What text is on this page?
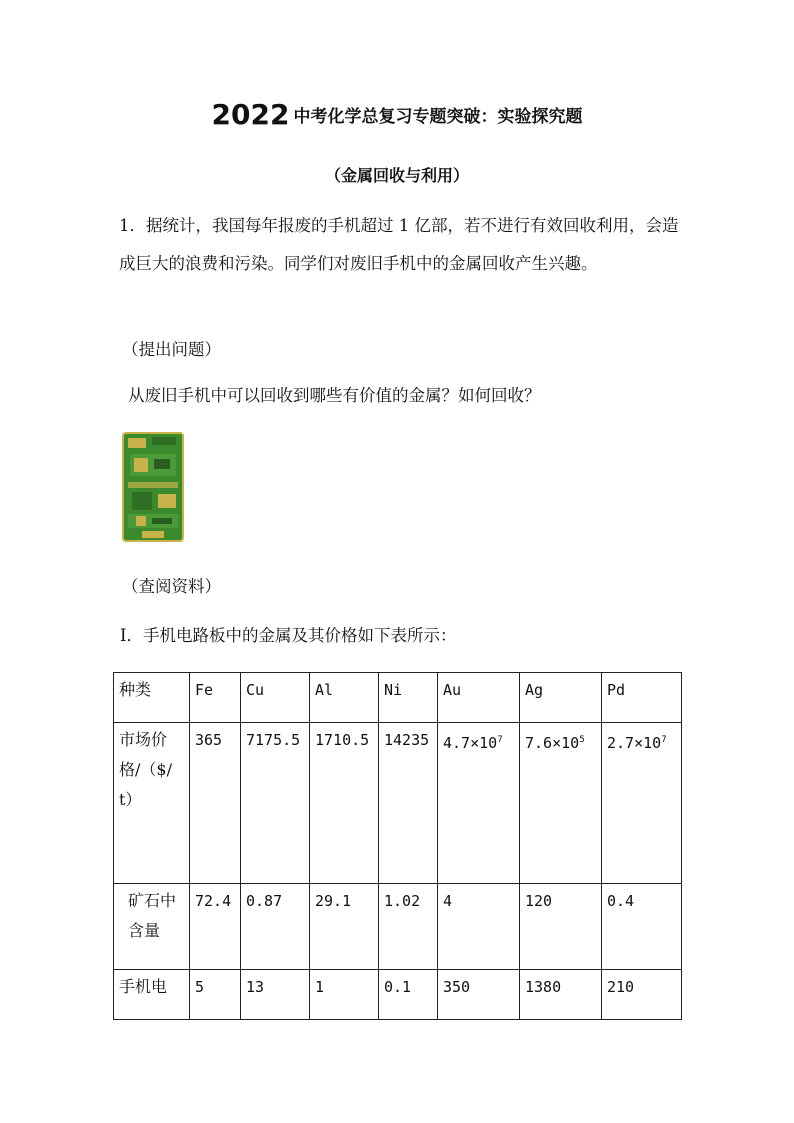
2022 中考化学总复习专题突破：实验探究题
（金属回收与利用）

1．据统计，我国每年报废的手机超过 1 亿部，若不进行有效回收利用，会造成巨大的浪费和污染。同学们对废旧手机中的金属回收产生兴趣。

（提出问题）

从废旧手机中可以回收到哪些有价值的金属？如何回收？

（查阅资料）

Ⅰ．手机电路板中的金属及其价格如下表所示：

种类	Fe	Cu	Al	Ni	Au	Ag	Pd
市场价格/（$/t）	365	7175.5	1710.5	14235	$4.7\times 10^7$	$7.6\times 10^5$	$2.7\times 10^7$
矿石中含量	72.4	0.87	29.1	1.02	4	120	0.4
手机电	5	13	1	0.1	350	1380	210
